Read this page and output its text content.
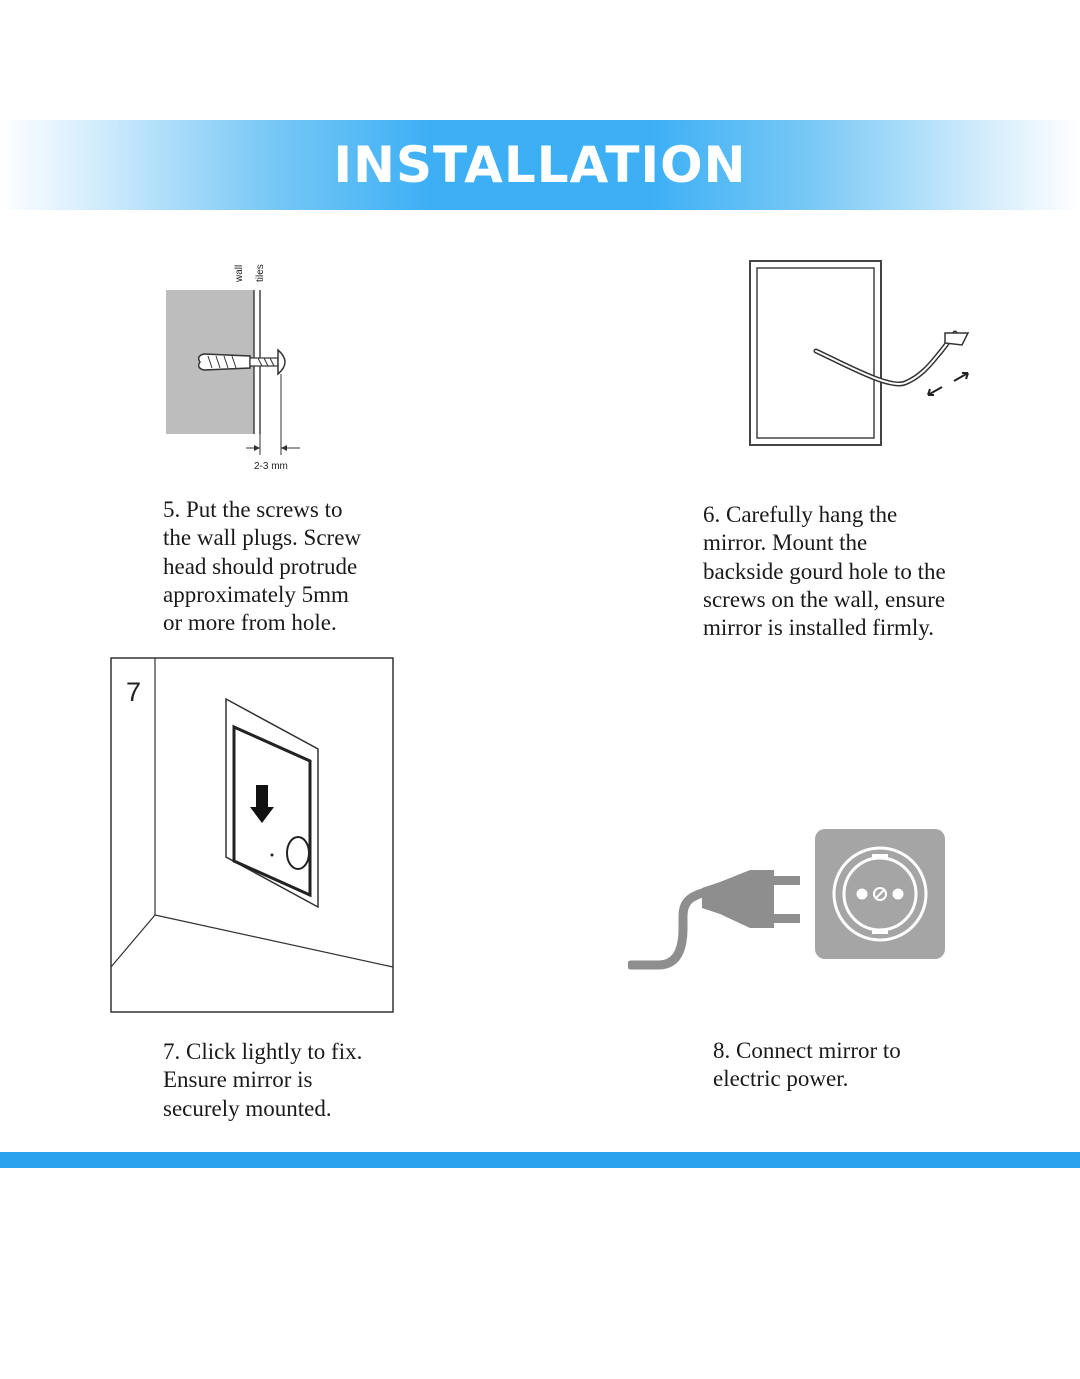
INSTALLATION
wall tiles
2-3 mm

5. Put the screws to
the wall plugs. Screw
head should protrude
approximately 5mm
or more from hole.

6. Carefully hang the
mirror. Mount the
backside gourd hole to the
screws on the wall, ensure
mirror is installed firmly.

7

7. Click lightly to fix.
Ensure mirror is
securely mounted.

8. Connect mirror to
electric power.
